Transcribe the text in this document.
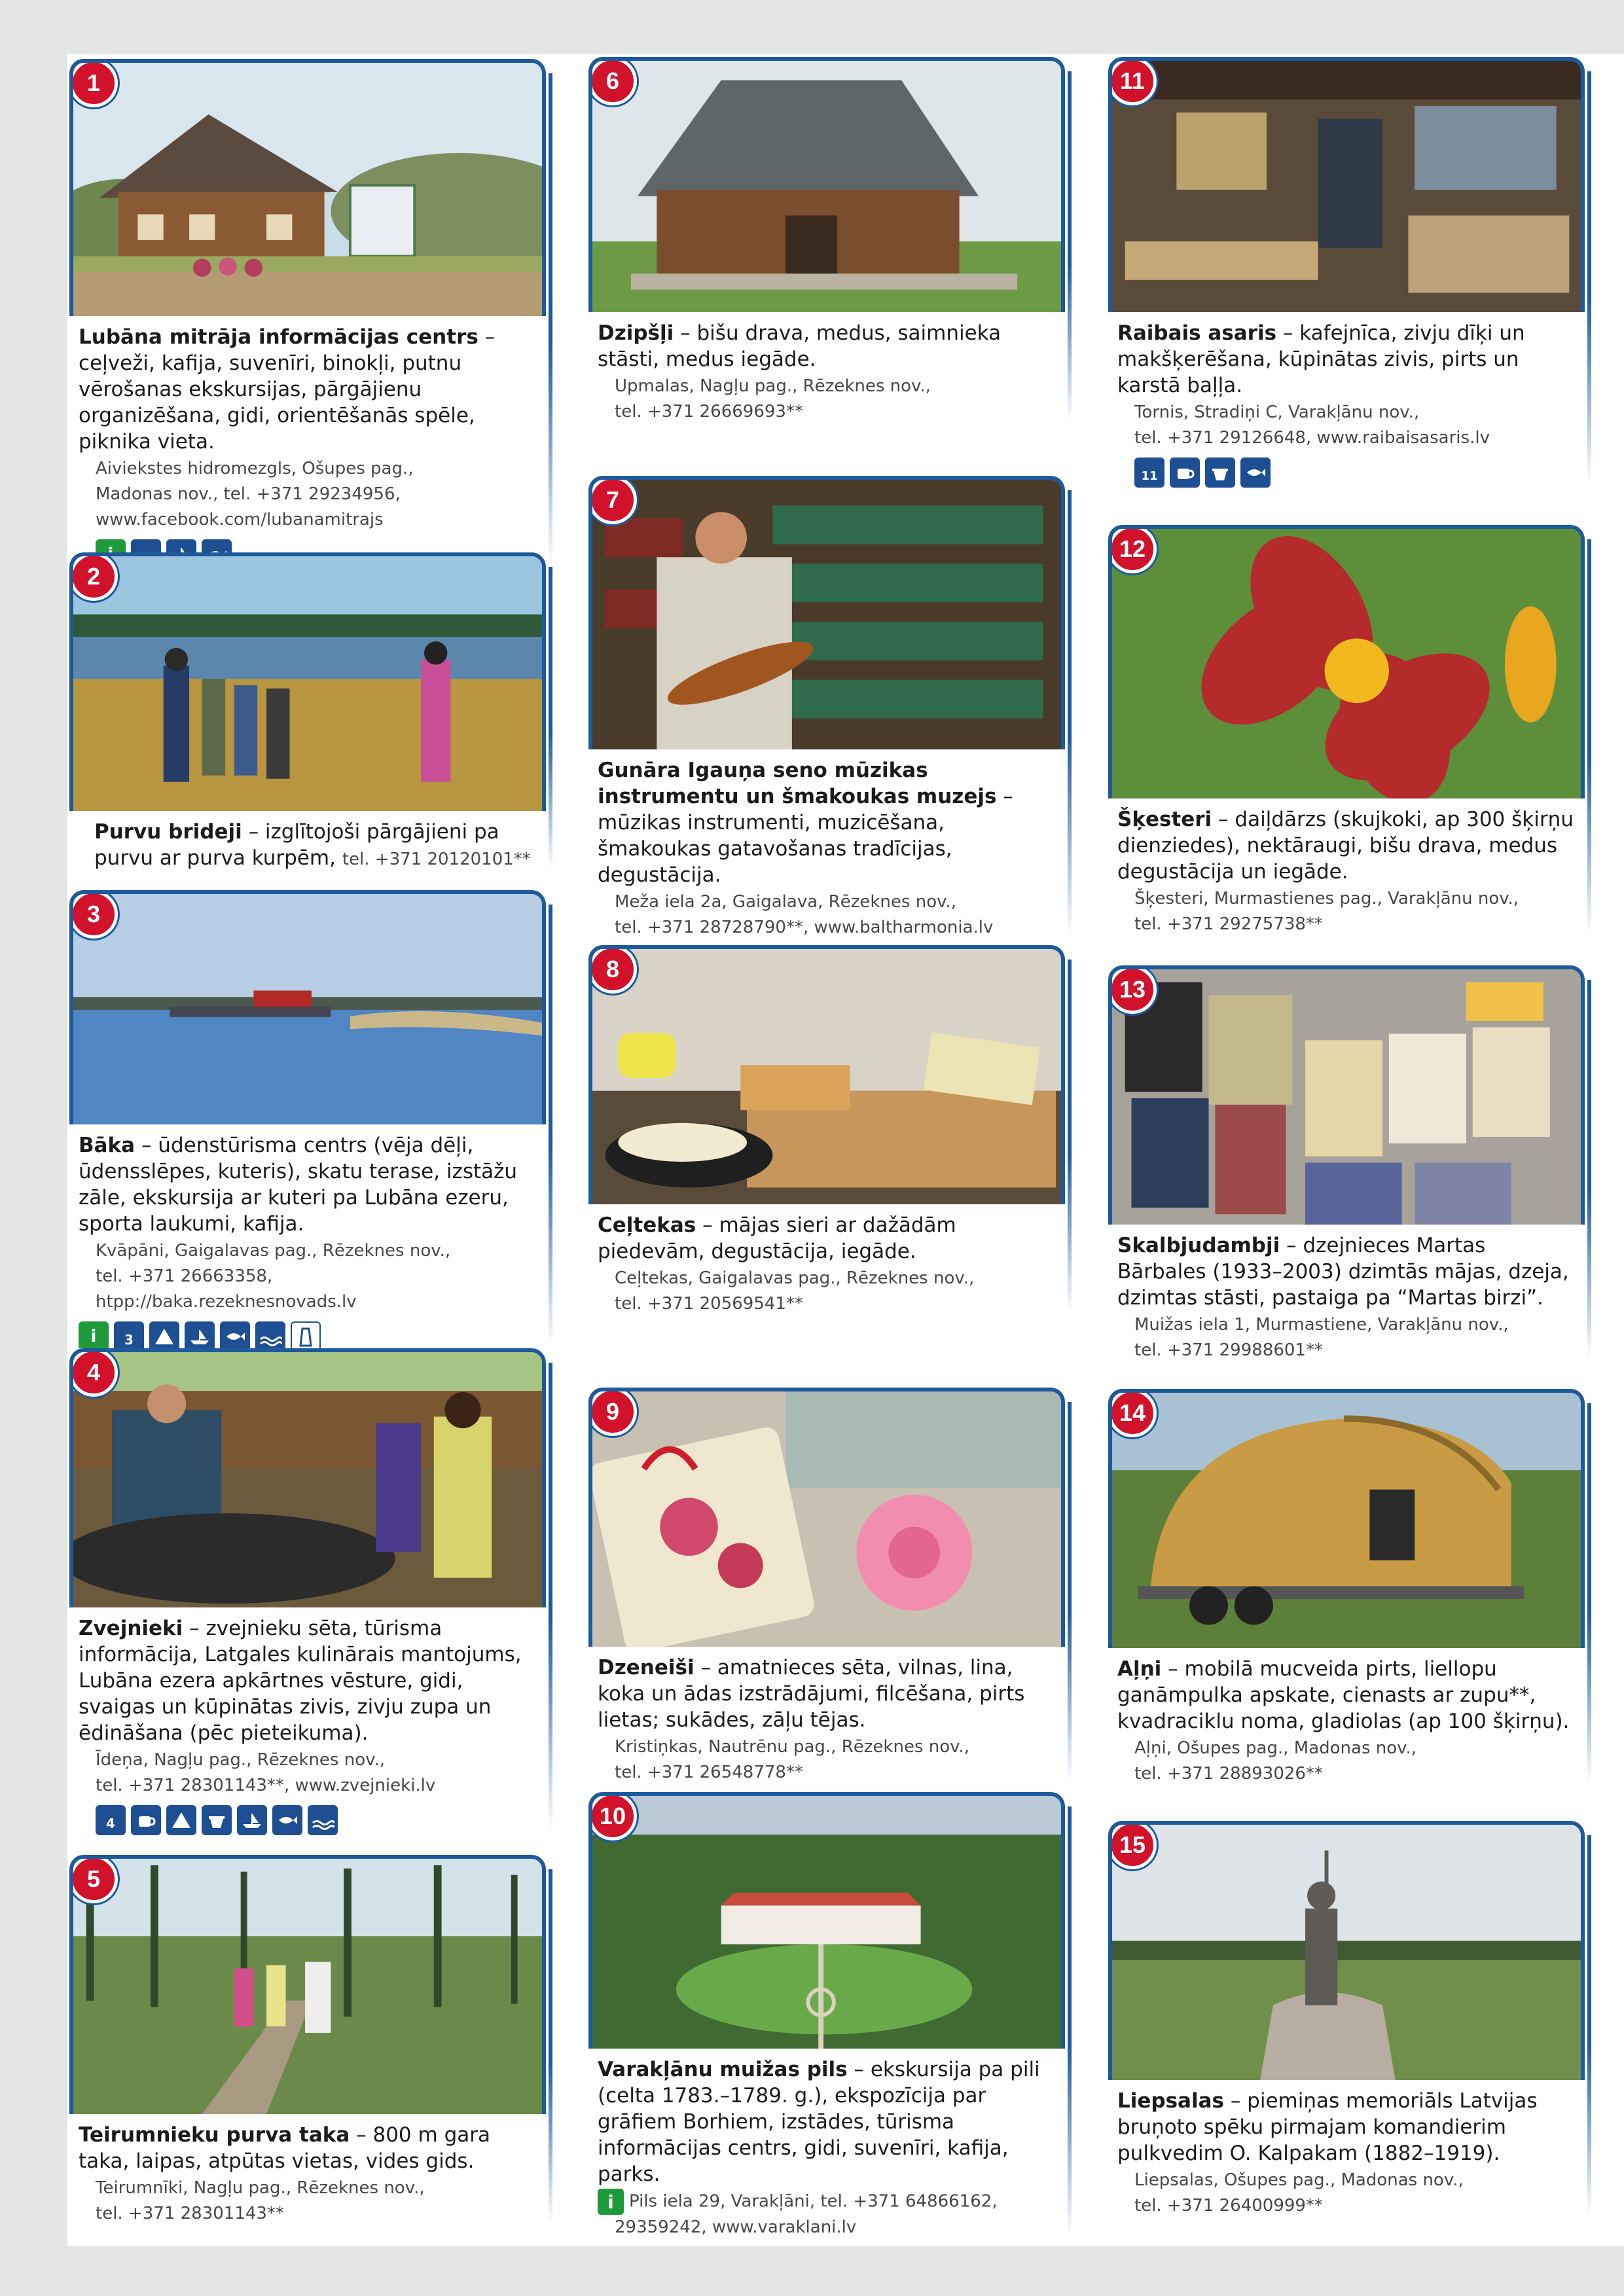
1
Lubāna mitrāja informācijas centrs – ceļveži, kafija, suvenīri, binokļi, putnu vērošanas ekskursijas, pārgājienu organizēšana, gidi, orientēšanās spēle, piknika vieta.
Aiviekstes hidromezgls, Ošupes pag.,
Madonas nov., tel. +371 29234956,
www.facebook.com/lubanamitrajs
2
Purvu brideji – izglītojoši pārgājieni pa purvu ar purva kurpēm, tel. +371 20120101**
3
Bāka – ūdenstūrisma centrs (vēja dēļi, ūdensslēpes, kuteris), skatu terase, izstāžu zāle, ekskursija ar kuteri pa Lubāna ezeru, sporta laukumi, kafija.
Kvāpāni, Gaigalavas pag., Rēzeknes nov.,
tel. +371 26663358, htpp://baka.rezeknesnovads.lv
i	3
4
Zvejnieki – zvejnieku sēta, tūrisma informācija, Latgales kulinārais mantojums, Lubāna ezera apkārtnes vēsture, gidi, svaigas un kūpinātas zivis, zivju zupa un ēdināšana (pēc pieteikuma).
Īdeņa, Nagļu pag., Rēzeknes nov.,
tel. +371 28301143**, www.zvejnieki.lv
4
5
Teirumnieku purva taka – 800 m gara taka, laipas, atpūtas vietas, vides gids.
Teirumnīki, Nagļu pag., Rēzeknes nov.,
tel. +371 28301143**
6
Dzipšļi – bišu drava, medus, saimnieka stāsti, medus iegāde.
Upmalas, Nagļu pag., Rēzeknes nov.,
tel. +371 26669693**
7
Gunāra Igauņa seno mūzikas instrumentu un šmakoukas muzejs – mūzikas instrumenti, muzicēšana, šmakoukas gatavošanas tradīcijas, degustācija.
Meža iela 2a, Gaigalava, Rēzeknes nov.,
tel. +371 28728790**, www.baltharmonia.lv
8
Ceļtekas – mājas sieri ar dažādām piedevām, degustācija, iegāde.
Ceļtekas, Gaigalavas pag., Rēzeknes nov.,
tel. +371 20569541**
9
Dzeneiši – amatnieces sēta, vilnas, lina, koka un ādas izstrādājumi, filcēšana, pirts lietas; sukādes, zāļu tējas.
Kristiņkas, Nautrēnu pag., Rēzeknes nov.,
tel. +371 26548778**
10
Varakļānu muižas pils – ekskursija pa pili (celta 1783.–1789. g.), ekspozīcija par grāfiem Borhiem, izstādes, tūrisma informācijas centrs, gidi, suvenīri, kafija, parks.
i Pils iela 29, Varakļāni, tel. +371 64866162,
29359242, www.varaklani.lv
11
Raibais asaris – kafejnīca, zivju dīķi un makšķerēšana, kūpinātas zivis, pirts un karstā baļļa.
Tornis, Stradiņi C, Varakļānu nov.,
tel. +371 29126648, www.raibaisasaris.lv
11
12
Šķesteri – daiļdārzs (skujkoki, ap 300 šķirņu dienziedes), nektāraugi, bišu drava, medus degustācija un iegāde.
Šķesteri, Murmastienes pag., Varakļānu nov.,
tel. +371 29275738**
13
Skalbjudambji – dzejnieces Martas Bārbales (1933–2003) dzimtās mājas, dzeja, dzimtas stāsti, pastaiga pa “Martas birzi”.
Muižas iela 1, Murmastiene, Varakļānu nov.,
tel. +371 29988601**
14
Aļņi – mobilā mucveida pirts, liellopu ganāmpulka apskate, cienasts ar zupu**, kvadraciklu noma, gladiolas (ap 100 šķirņu).
Aļņi, Ošupes pag., Madonas nov.,
tel. +371 28893026**
15
Liepsalas – piemiņas memoriāls Latvijas bruņoto spēku pirmajam komandierim pulkvedim O. Kalpakam (1882–1919).
Liepsalas, Ošupes pag., Madonas nov.,
tel. +371 26400999**
